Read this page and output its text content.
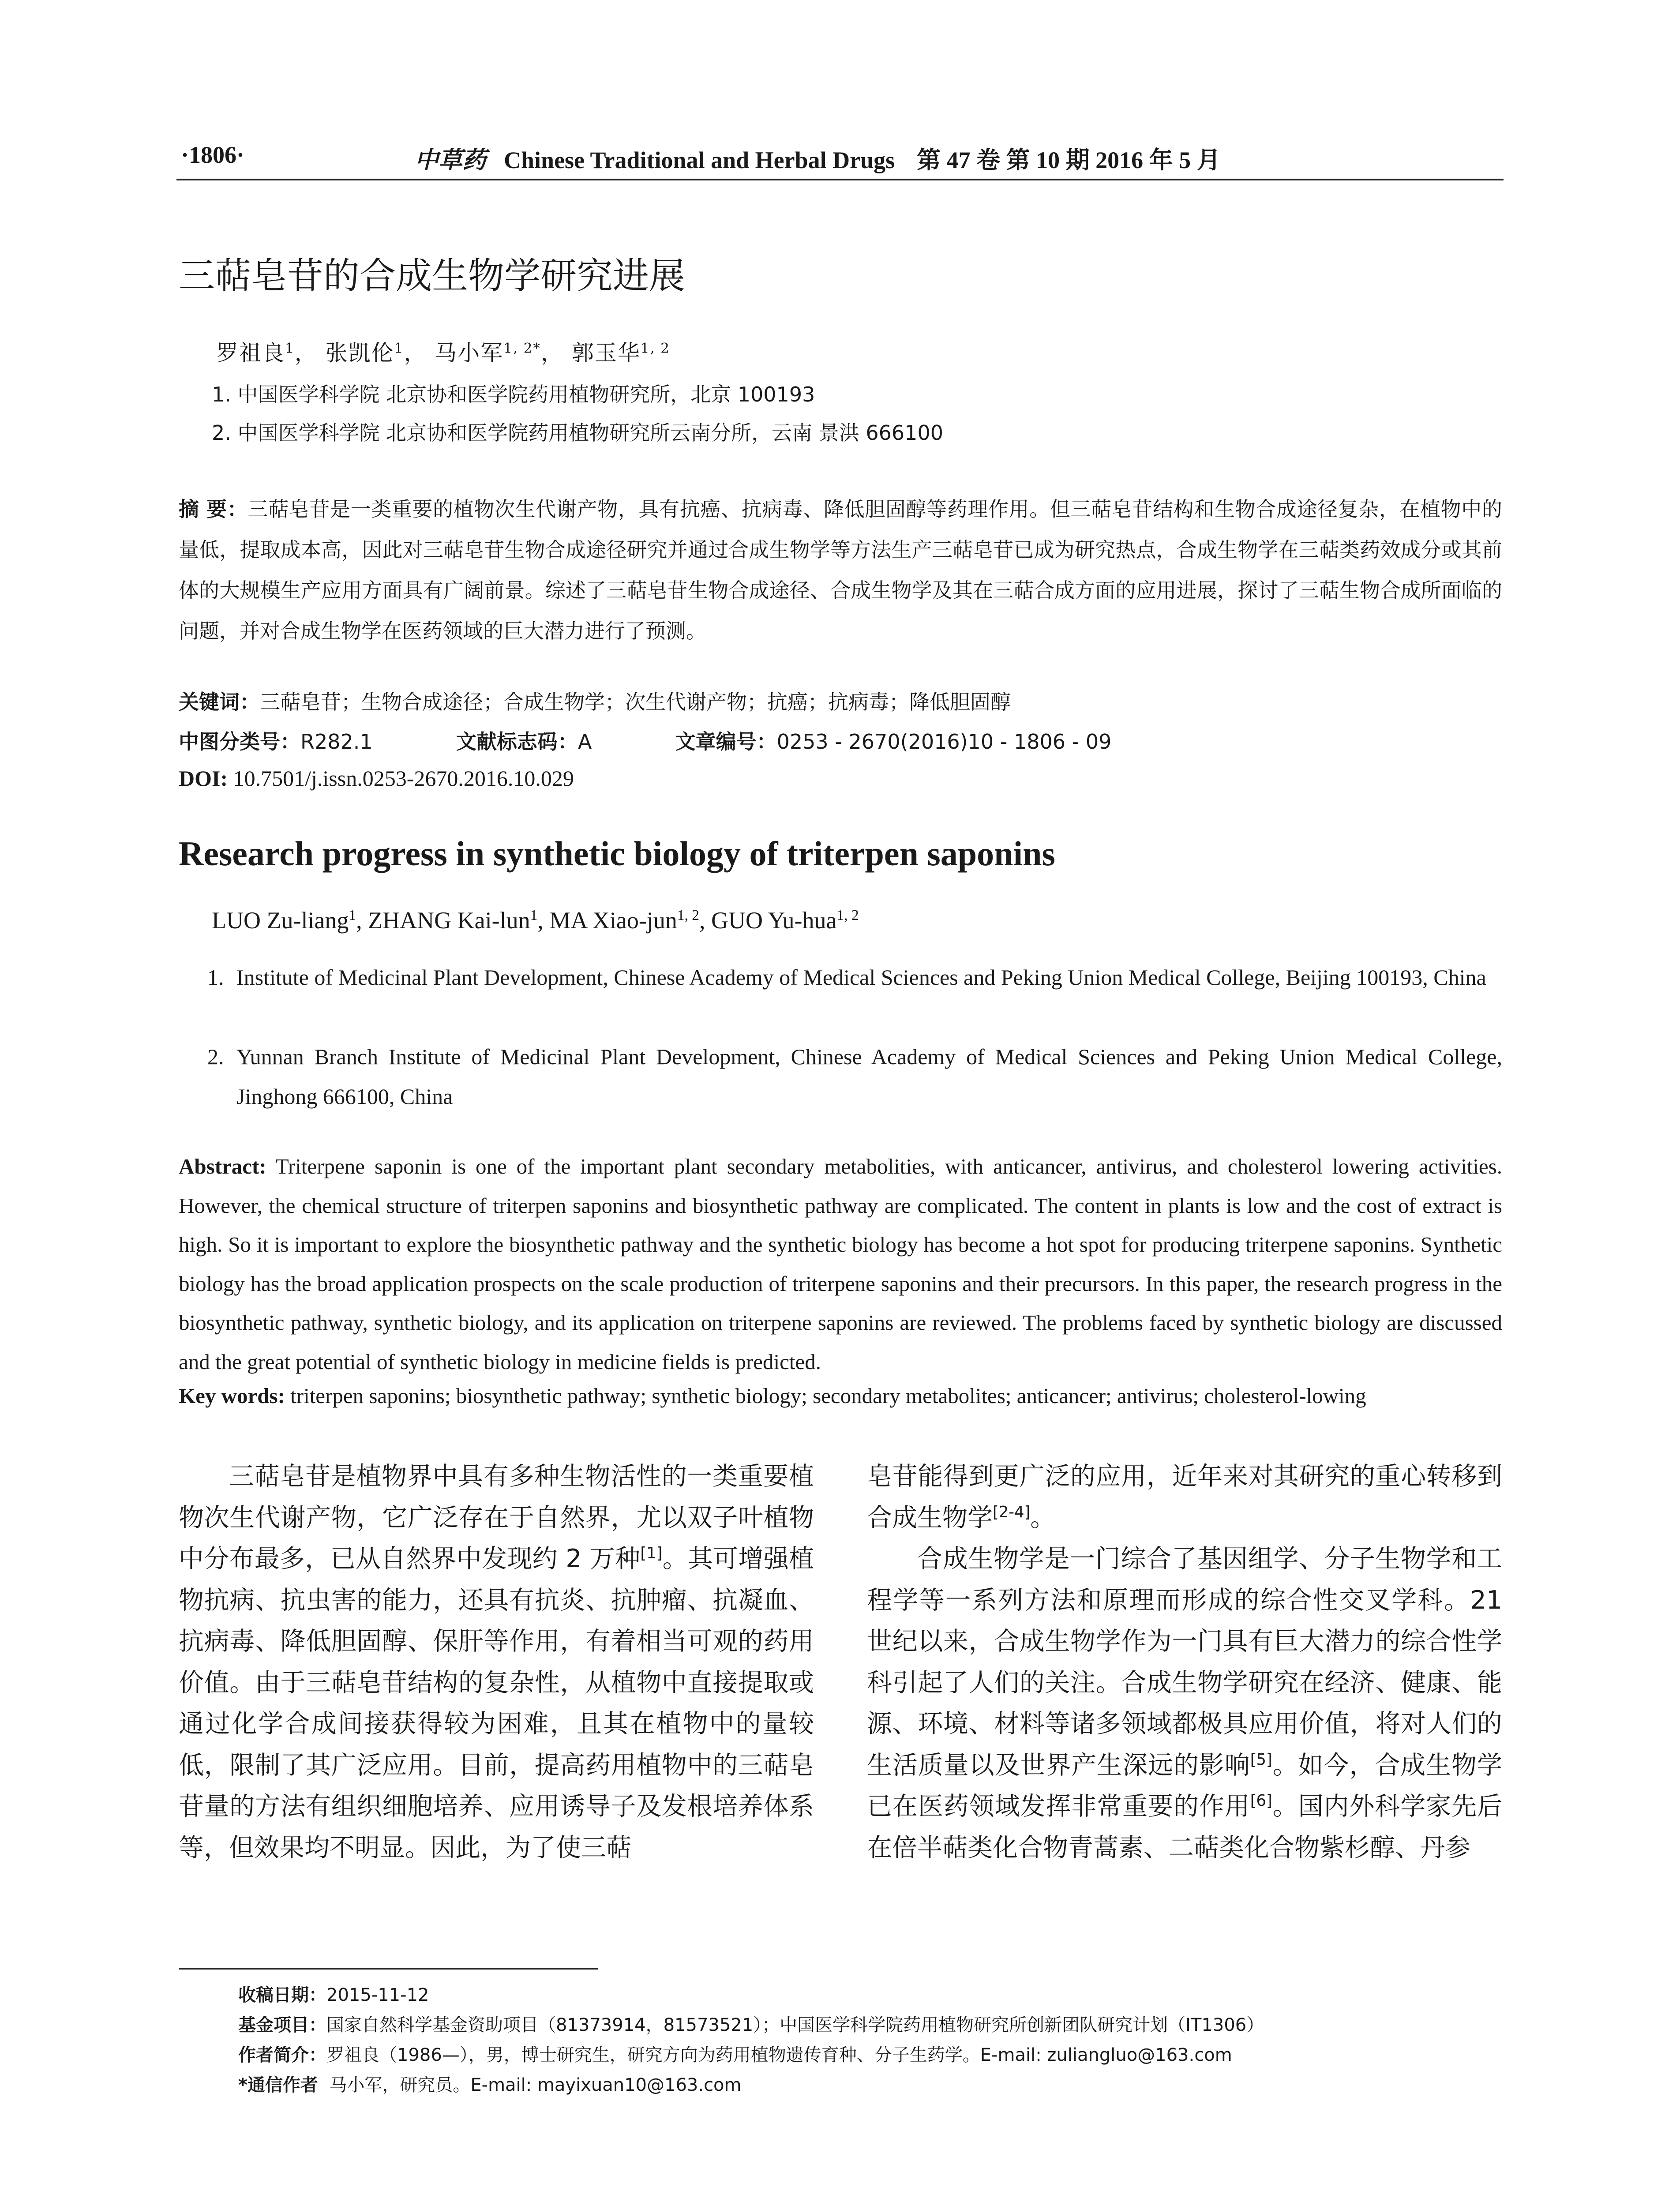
·1806·	中草药 Chinese Traditional and Herbal Drugs 第 47 卷 第 10 期 2016 年 5 月
三萜皂苷的合成生物学研究进展
罗祖良$^1$， 张凯伦$^1$， 马小军$^{1, 2*}$， 郭玉华$^{1, 2}$
1. 中国医学科学院 北京协和医学院药用植物研究所，北京 100193
2. 中国医学科学院 北京协和医学院药用植物研究所云南分所，云南 景洪 666100
摘 要：三萜皂苷是一类重要的植物次生代谢产物，具有抗癌、抗病毒、降低胆固醇等药理作用。但三萜皂苷结构和生物合成途径复杂，在植物中的量低，提取成本高，因此对三萜皂苷生物合成途径研究并通过合成生物学等方法生产三萜皂苷已成为研究热点，合成生物学在三萜类药效成分或其前体的大规模生产应用方面具有广阔前景。综述了三萜皂苷生物合成途径、合成生物学及其在三萜合成方面的应用进展，探讨了三萜生物合成所面临的问题，并对合成生物学在医药领域的巨大潜力进行了预测。
关键词：三萜皂苷；生物合成途径；合成生物学；次生代谢产物；抗癌；抗病毒；降低胆固醇
中图分类号：R282.1	文献标志码：A	文章编号：0253 - 2670(2016)10 - 1806 - 09
DOI: 10.7501/j.issn.0253-2670.2016.10.029
Research progress in synthetic biology of triterpen saponins
LUO Zu-liang$^1$, ZHANG Kai-lun$^1$, MA Xiao-jun$^{1, 2}$, GUO Yu-hua$^{1, 2}$
1. Institute of Medicinal Plant Development, Chinese Academy of Medical Sciences and Peking Union Medical College, Beijing 100193, China
2. Yunnan Branch Institute of Medicinal Plant Development, Chinese Academy of Medical Sciences and Peking Union Medical College, Jinghong 666100, China
Abstract: Triterpene saponin is one of the important plant secondary metabolities, with anticancer, antivirus, and cholesterol lowering activities. However, the chemical structure of triterpen saponins and biosynthetic pathway are complicated. The content in plants is low and the cost of extract is high. So it is important to explore the biosynthetic pathway and the synthetic biology has become a hot spot for producing triterpene saponins. Synthetic biology has the broad application prospects on the scale production of triterpene saponins and their precursors. In this paper, the research progress in the biosynthetic pathway, synthetic biology, and its application on triterpene saponins are reviewed. The problems faced by synthetic biology are discussed and the great potential of synthetic biology in medicine fields is predicted.
Key words: triterpen saponins; biosynthetic pathway; synthetic biology; secondary metabolites; anticancer; antivirus; cholesterol-lowing

三萜皂苷是植物界中具有多种生物活性的一类重要植物次生代谢产物，它广泛存在于自然界，尤以双子叶植物中分布最多，已从自然界中发现约 2 万种[1]。其可增强植物抗病、抗虫害的能力，还具有抗炎、抗肿瘤、抗凝血、抗病毒、降低胆固醇、保肝等作用，有着相当可观的药用价值。由于三萜皂苷结构的复杂性，从植物中直接提取或通过化学合成间接获得较为困难，且其在植物中的量较低，限制了其广泛应用。目前，提高药用植物中的三萜皂苷量的方法有组织细胞培养、应用诱导子及发根培养体系等，但效果均不明显。因此，为了使三萜

皂苷能得到更广泛的应用，近年来对其研究的重心转移到合成生物学[2-4]。

合成生物学是一门综合了基因组学、分子生物学和工程学等一系列方法和原理而形成的综合性交叉学科。21 世纪以来，合成生物学作为一门具有巨大潜力的综合性学科引起了人们的关注。合成生物学研究在经济、健康、能源、环境、材料等诸多领域都极具应用价值，将对人们的生活质量以及世界产生深远的影响[5]。如今，合成生物学已在医药领域发挥非常重要的作用[6]。国内外科学家先后在倍半萜类化合物青蒿素、二萜类化合物紫杉醇、丹参

收稿日期：2015-11-12
基金项目：国家自然科学基金资助项目（81373914，81573521）；中国医学科学院药用植物研究所创新团队研究计划（IT1306）
作者简介：罗祖良（1986—），男，博士研究生，研究方向为药用植物遗传育种、分子生药学。E-mail: zuliangluo@163.com
*通信作者 马小军，研究员。E-mail: mayixuan10@163.com
